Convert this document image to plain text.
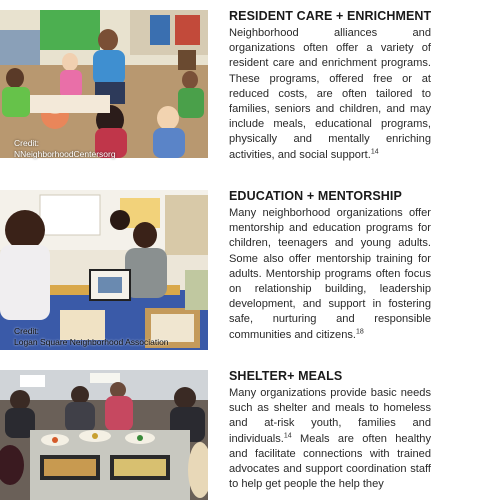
Credit:
NNeighborhoodCentersorg
RESIDENT CARE + ENRICHMENT

Neighborhood alliances and organizations often offer a variety of resident care and enrichment programs. These programs, offered free or at reduced costs, are often tailored to families, seniors and children, and may include meals, educational programs, physically and mentally enriching activities, and social support.$^{14}$

Credit:
Logan Square Neighborhood Association
EDUCATION + MENTORSHIP

Many neighborhood organizations offer mentorship and education programs for children, teenagers and young adults. Some also offer mentorship training for adults. Mentorship programs often focus on relationship building, leadership development, and support in fostering safe, nurturing and responsible communities and citizens.$^{18}$

SHELTER+ MEALS

Many organizations provide basic needs such as shelter and meals to homeless and at-risk youth, families and individuals.$^{14}$ Meals are often healthy and facilitate connections with trained advocates and support coordination staff to help get people the help they
